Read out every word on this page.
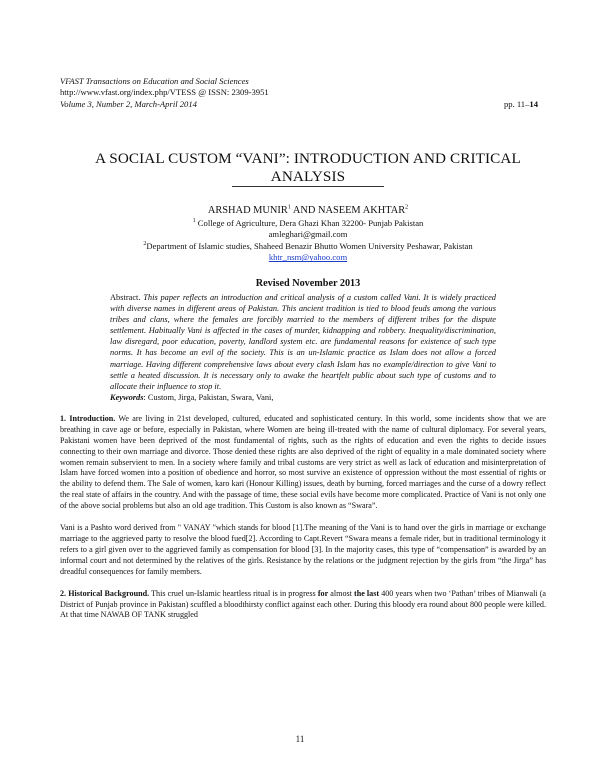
VFAST Transactions on Education and Social Sciences
http://www.vfast.org/index.php/VTESS @ ISSN: 2309-3951
Volume 3, Number 2, March-April 2014	pp. 11–14
A SOCIAL CUSTOM “VANI”: INTRODUCTION AND CRITICAL
ANALYSIS
ARSHAD MUNIR$^1$ AND NASEEM AKHTAR$^2$
$^1$ College of Agriculture, Dera Ghazi Khan 32200- Punjab Pakistan
amleghari@gmail.com
$^2$Department of Islamic studies, Shaheed Benazir Bhutto Women University Peshawar, Pakistan
khtr_nsm@yahoo.com
Revised November 2013
Abstract. This paper reflects an introduction and critical analysis of a custom called Vani. It is widely practiced with diverse names in different areas of Pakistan. This ancient tradition is tied to blood feuds among the various tribes and clans, where the females are forcibly married to the members of different tribes for the dispute settlement. Habitually Vani is affected in the cases of murder, kidnapping and robbery. Inequality/discrimination, law disregard, poor education, poverty, landlord system etc. are fundamental reasons for existence of such type norms. It has become an evil of the society. This is an un-Islamic practice as Islam does not allow a forced marriage. Having different comprehensive laws about every clash Islam has no example/direction to give Vani to settle a heated discussion. It is necessary only to awake the heartfelt public about such type of customs and to allocate their influence to stop it.
Keywords: Custom, Jirga, Pakistan, Swara, Vani,

1. Introduction. We are living in 21st developed, cultured, educated and sophisticated century. In this world, some incidents show that we are breathing in cave age or before, especially in Pakistan, where Women are being ill-treated with the name of cultural diplomacy. For several years, Pakistani women have been deprived of the most fundamental of rights, such as the rights of education and even the rights to decide issues connecting to their own marriage and divorce. Those denied these rights are also deprived of the right of equality in a male dominated society where women remain subservient to men. In a society where family and tribal customs are very strict as well as lack of education and misinterpretation of Islam have forced women into a position of obedience and horror, so most survive an existence of oppression without the most essential of rights or the ability to defend them. The Sale of women, karo kari (Honour Killing) issues, death by burning, forced marriages and the curse of a dowry reflect the real state of affairs in the country. And with the passage of time, these social evils have become more complicated. Practice of Vani is not only one of the above social problems but also an old age tradition. This Custom is also known as “Swara”.

Vani is a Pashto word derived from " VANAY "which stands for blood [1].The meaning of the Vani is to hand over the girls in marriage or exchange marriage to the aggrieved party to resolve the blood fued[2]. According to Capt.Revert “Swara means a female rider, but in traditional terminology it refers to a girl given over to the aggrieved family as compensation for blood [3]. In the majority cases, this type of “compensation” is awarded by an informal court and not determined by the relatives of the girls. Resistance by the relations or the judgment rejection by the girls from “the Jirga” has dreadful consequences for family members.

2. Historical Background. This cruel un-Islamic heartless ritual is in progress for almost the last 400 years when two ‘Pathan’ tribes of Mianwali (a District of Punjab province in Pakistan) scuffled a bloodthirsty conflict against each other. During this bloody era round about 800 people were killed. At that time NAWAB OF TANK struggled

11
